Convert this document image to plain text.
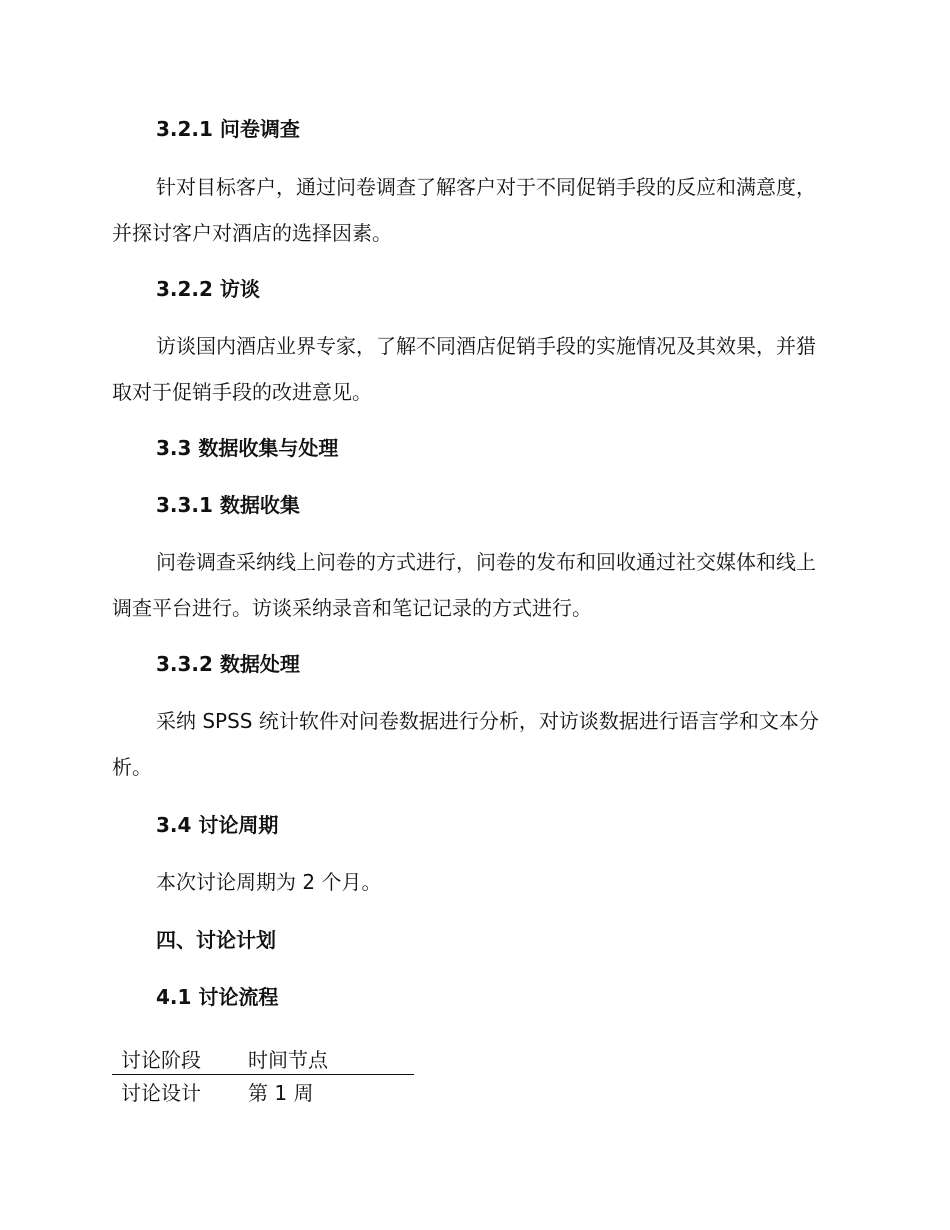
3.2.1 问卷调查
针对目标客户，通过问卷调查了解客户对于不同促销手段的反应和满意度，并探讨客户对酒店的选择因素。
3.2.2 访谈
访谈国内酒店业界专家，了解不同酒店促销手段的实施情况及其效果，并猎取对于促销手段的改进意见。
3.3 数据收集与处理
3.3.1 数据收集
问卷调查采纳线上问卷的方式进行，问卷的发布和回收通过社交媒体和线上调查平台进行。访谈采纳录音和笔记记录的方式进行。
3.3.2 数据处理
采纳 SPSS 统计软件对问卷数据进行分析，对访谈数据进行语言学和文本分析。
3.4 讨论周期
本次讨论周期为 2 个月。
四、讨论计划
4.1 讨论流程
讨论阶段	时间节点
讨论设计	第 1 周
